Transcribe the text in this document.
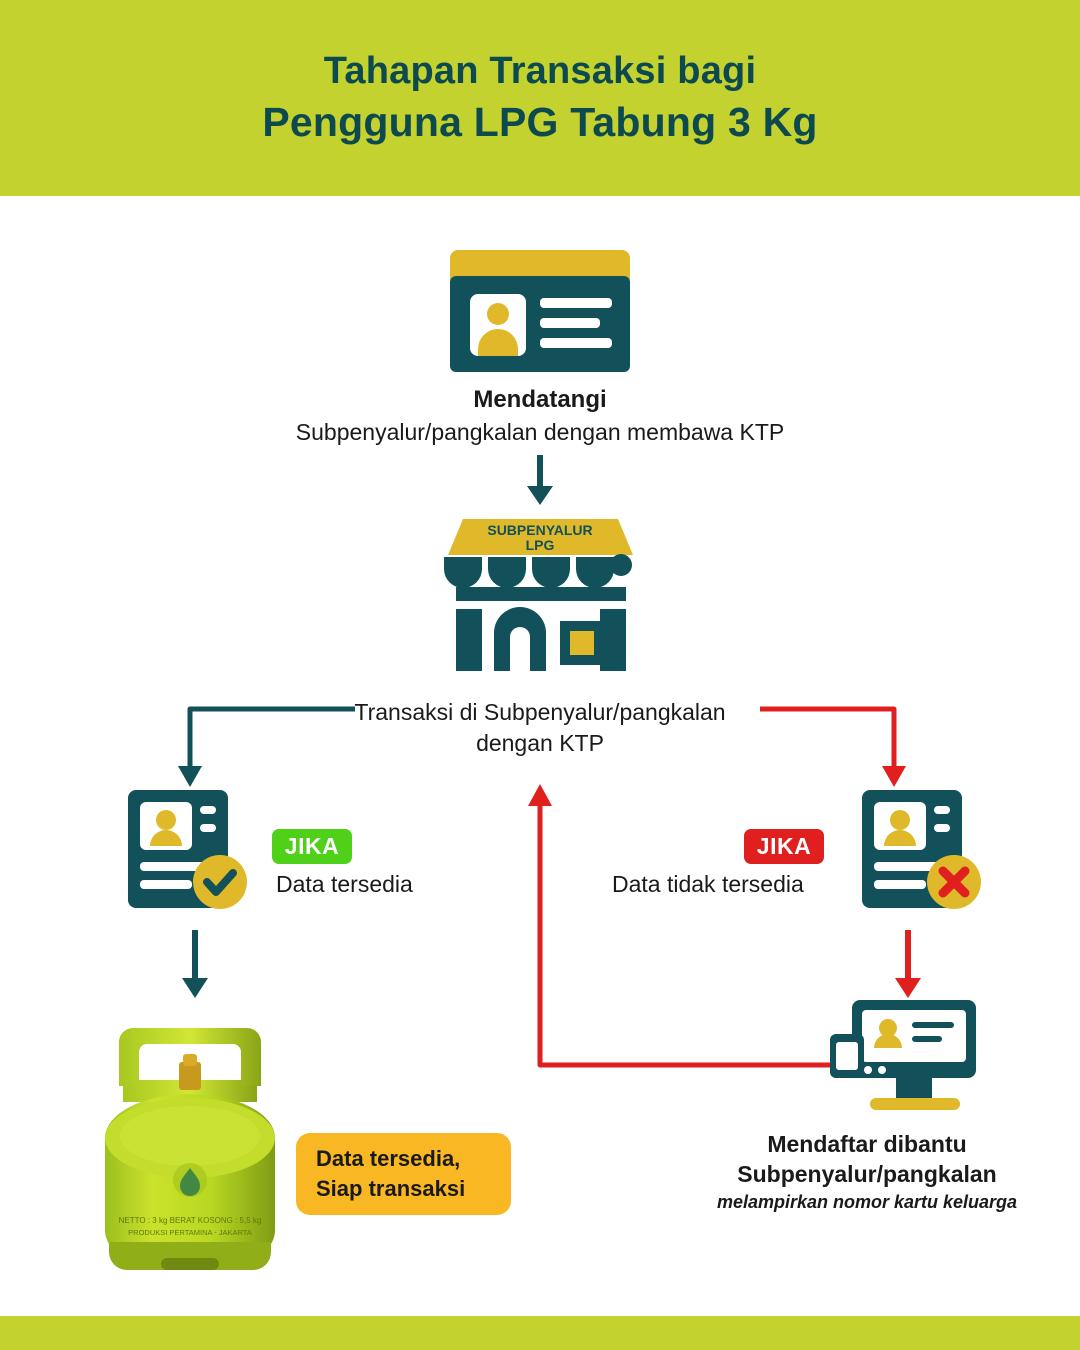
Tahapan Transaksi bagi
Pengguna LPG Tabung 3 Kg
Mendatangi
Subpenyalur/pangkalan dengan membawa KTP
SUBPENYALUR
LPG
Transaksi di Subpenyalur/pangkalan
dengan KTP
JIKA
Data tersedia
JIKA
Data tidak tersedia
NETTO : 3 kg BERAT KOSONG : 5,5 kg
PRODUKSI PERTAMINA - JAKARTA
Data tersedia,
Siap transaksi
Mendaftar dibantu
Subpenyalur/pangkalan
melampirkan nomor kartu keluarga
